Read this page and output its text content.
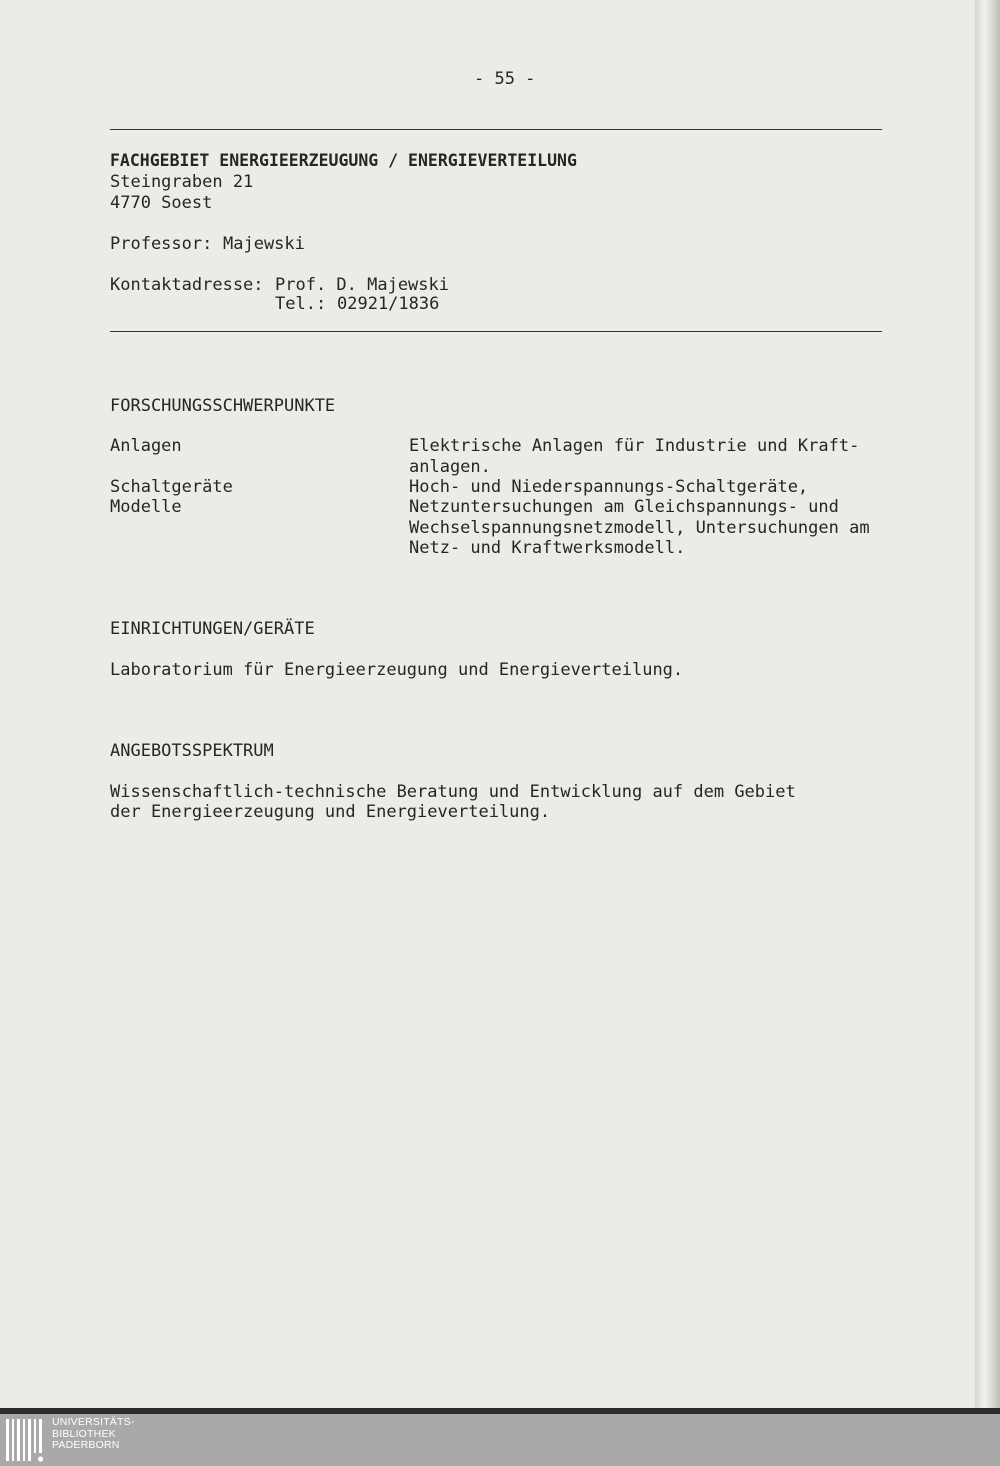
- 55 -

FACHGEBIET ENERGIEERZEUGUNG / ENERGIEVERTEILUNG

Steingraben 21

4770 Soest

Professor: Majewski

Kontaktadresse: Prof. D. Majewski

Tel.: 02921/1836

FORSCHUNGSSCHWERPUNKTE

Anlagen

Schaltgeräte

Modelle

Elektrische Anlagen für Industrie und Kraft-

anlagen.

Hoch- und Niederspannungs-Schaltgeräte,

Netzuntersuchungen am Gleichspannungs- und

Wechselspannungsnetzmodell, Untersuchungen am

Netz- und Kraftwerksmodell.

EINRICHTUNGEN/GERÄTE

Laboratorium für Energieerzeugung und Energieverteilung.

ANGEBOTSSPEKTRUM

Wissenschaftlich-technische Beratung und Entwicklung auf dem Gebiet

der Energieerzeugung und Energieverteilung.

UNIVERSITÄTS-
BIBLIOTHEK
PADERBORN
